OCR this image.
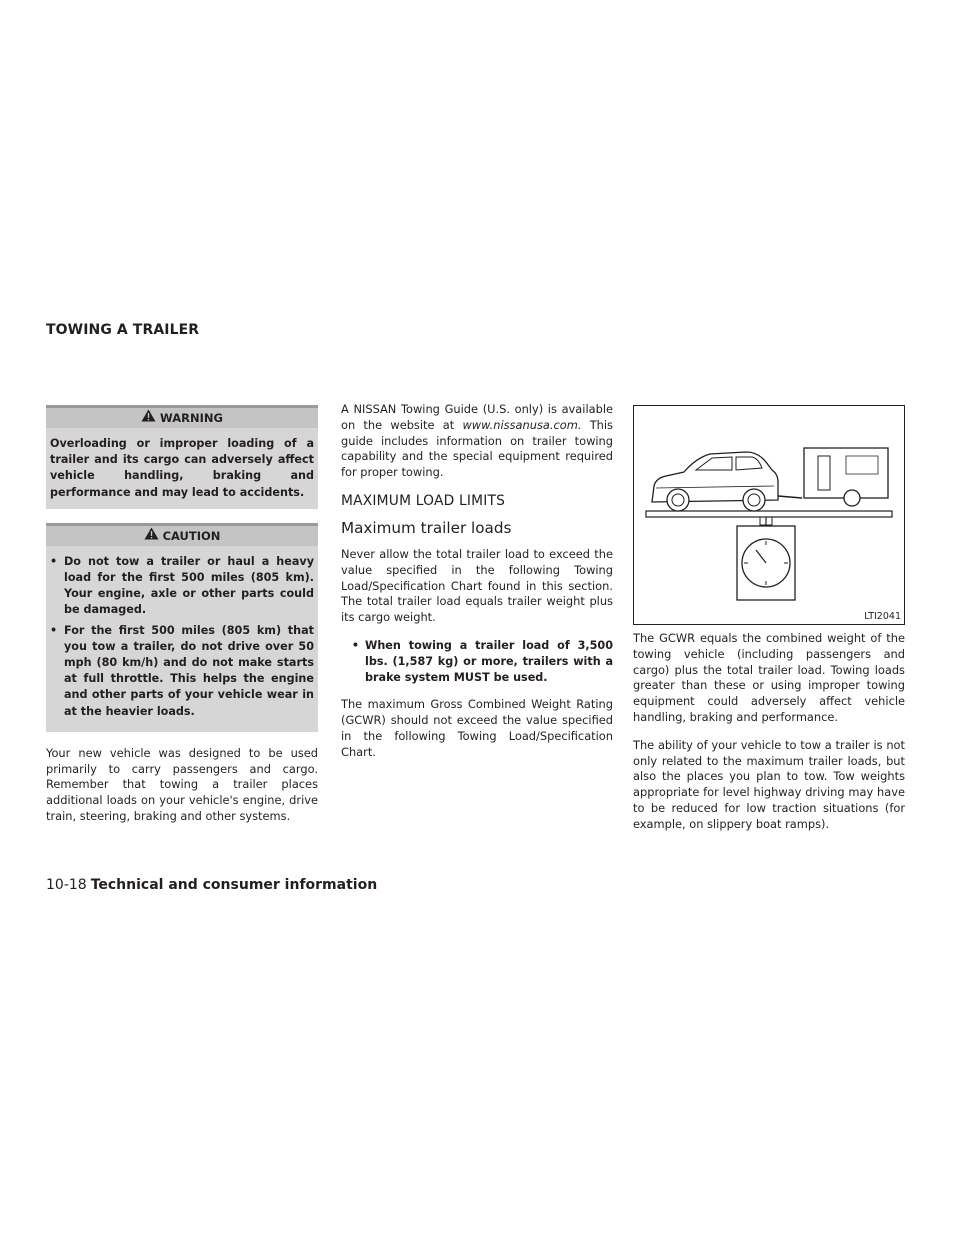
TOWING A TRAILER
WARNING
Overloading or improper loading of a trailer and its cargo can adversely affect vehicle handling, braking and performance and may lead to accidents.
CAUTION
• Do not tow a trailer or haul a heavy load for the first 500 miles (805 km). Your engine, axle or other parts could be damaged.
• For the first 500 miles (805 km) that you tow a trailer, do not drive over 50 mph (80 km/h) and do not make starts at full throttle. This helps the engine and other parts of your vehicle wear in at the heavier loads.

Your new vehicle was designed to be used primarily to carry passengers and cargo. Remember that towing a trailer places additional loads on your vehicle's engine, drive train, steering, braking and other systems.

A NISSAN Towing Guide (U.S. only) is available on the website at www.nissanusa.com. This guide includes information on trailer towing capability and the special equipment required for proper towing.

MAXIMUM LOAD LIMITS
Maximum trailer loads

Never allow the total trailer load to exceed the value specified in the following Towing Load/Specification Chart found in this section. The total trailer load equals trailer weight plus its cargo weight.

• When towing a trailer load of 3,500 lbs. (1,587 kg) or more, trailers with a brake system MUST be used.

The maximum Gross Combined Weight Rating (GCWR) should not exceed the value specified in the following Towing Load/Specification Chart.

LTI2041

The GCWR equals the combined weight of the towing vehicle (including passengers and cargo) plus the total trailer load. Towing loads greater than these or using improper towing equipment could adversely affect vehicle handling, braking and performance.

The ability of your vehicle to tow a trailer is not only related to the maximum trailer loads, but also the places you plan to tow. Tow weights appropriate for level highway driving may have to be reduced for low traction situations (for example, on slippery boat ramps).

10-18 Technical and consumer information
